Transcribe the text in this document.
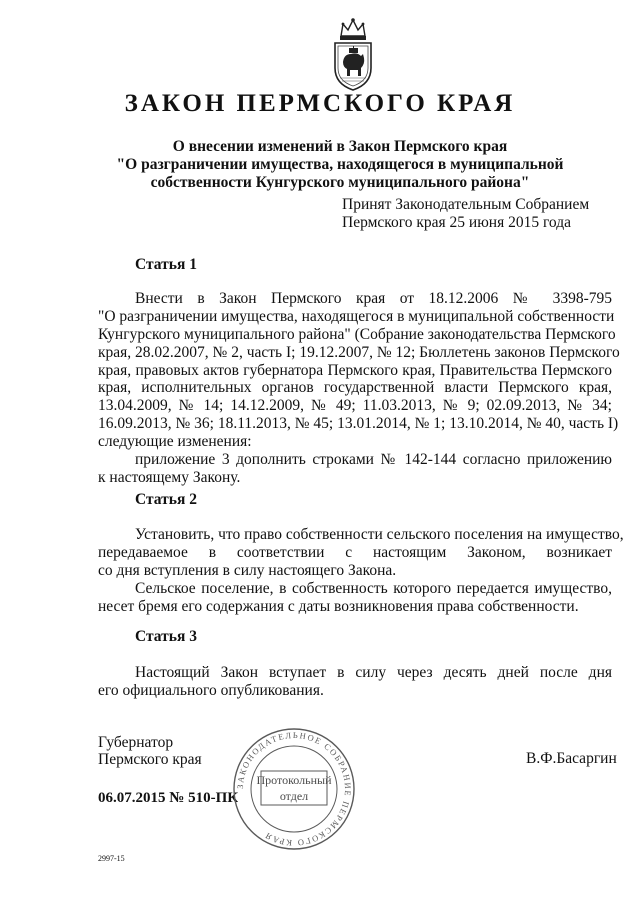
ЗАКОН ПЕРМСКОГО КРАЯ
О внесении изменений в Закон Пермского края
"О разграничении имущества, находящегося в муниципальной
собственности Кунгурского муниципального района"
Принят Законодательным Собранием
Пермского края 25 июня 2015 года
Статья 1
Внести в Закон Пермского края от 18.12.2006 № 3398-795
"О разграничении имущества, находящегося в муниципальной собственности
Кунгурского муниципального района" (Собрание законодательства Пермского
края, 28.02.2007, № 2, часть I; 19.12.2007, № 12; Бюллетень законов Пермского
края, правовых актов губернатора Пермского края, Правительства Пермского
края, исполнительных органов государственной власти Пермского края,
13.04.2009, № 14; 14.12.2009, № 49; 11.03.2013, № 9; 02.09.2013, № 34;
16.09.2013, № 36; 18.11.2013, № 45; 13.01.2014, № 1; 13.10.2014, № 40, часть I)
следующие изменения:
приложение 3 дополнить строками № 142-144 согласно приложению
к настоящему Закону.
Статья 2
Установить, что право собственности сельского поселения на имущество,
передаваемое в соответствии с настоящим Законом, возникает
со дня вступления в силу настоящего Закона.
Сельское поселение, в собственность которого передается имущество,
несет бремя его содержания с даты возникновения права собственности.
Статья 3
Настоящий Закон вступает в силу через десять дней после дня
его официального опубликования.
Губернатор
Пермского края
06.07.2015 № 510-ПК
ЗАКОНОДАТЕЛЬНОЕ СОБРАНИЕ ПЕРМСКОГО КРАЯ
Протокольный
отдел
В.Ф.Басаргин
2997-15
